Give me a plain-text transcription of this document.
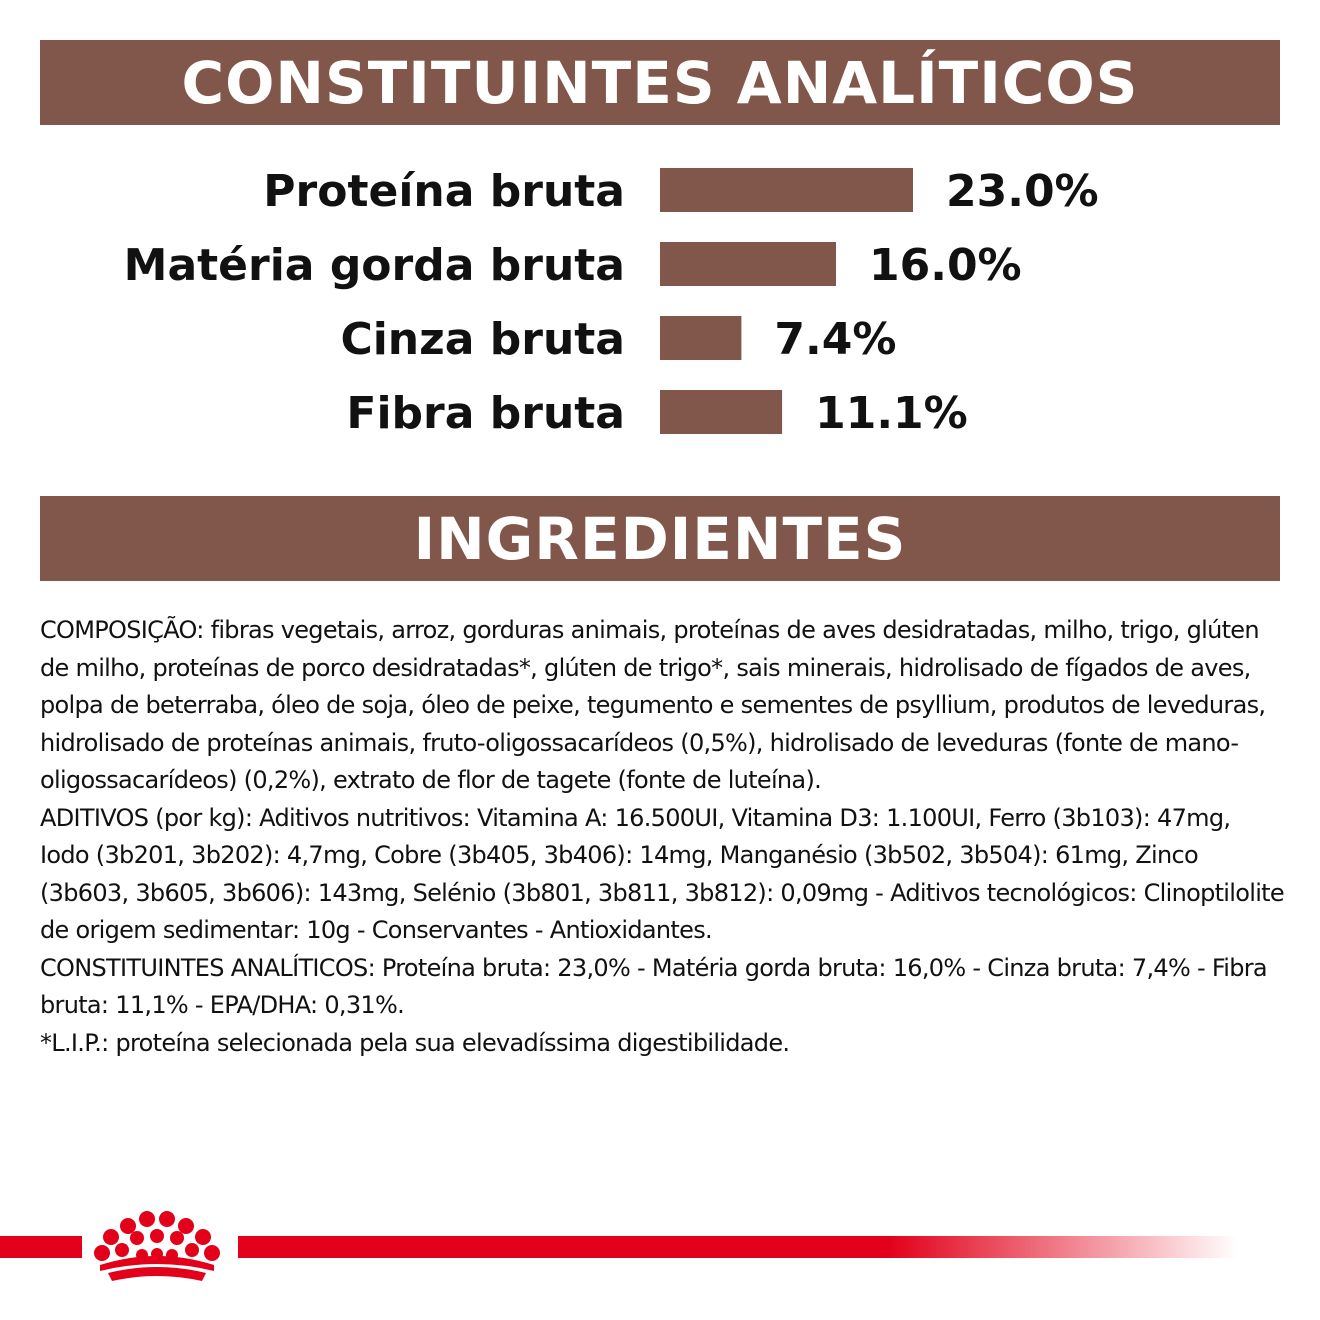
CONSTITUINTES ANALÍTICOS
Proteína bruta	23.0%
Matéria gorda bruta	16.0%
Cinza bruta	7.4%
Fibra bruta	11.1%
INGREDIENTES

COMPOSIÇÃO: fibras vegetais, arroz, gorduras animais, proteínas de aves desidratadas, milho, trigo, glúten de milho, proteínas de porco desidratadas*, glúten de trigo*, sais minerais, hidrolisado de fígados de aves, polpa de beterraba, óleo de soja, óleo de peixe, tegumento e sementes de psyllium, produtos de leveduras, hidrolisado de proteínas animais, fruto-oligossacarídeos (0,5%), hidrolisado de leveduras (fonte de mano-oligossacarídeos) (0,2%), extrato de flor de tagete (fonte de luteína).

ADITIVOS (por kg): Aditivos nutritivos: Vitamina A: 16.500UI, Vitamina D3: 1.100UI, Ferro (3b103): 47mg, Iodo (3b201, 3b202): 4,7mg, Cobre (3b405, 3b406): 14mg, Manganésio (3b502, 3b504): 61mg, Zinco (3b603, 3b605, 3b606): 143mg, Selénio (3b801, 3b811, 3b812): 0,09mg - Aditivos tecnológicos: Clinoptilolite de origem sedimentar: 10g - Conservantes - Antioxidantes.

CONSTITUINTES ANALÍTICOS: Proteína bruta: 23,0% - Matéria gorda bruta: 16,0% - Cinza bruta: 7,4% - Fibra bruta: 11,1% - EPA/DHA: 0,31%.

*L.I.P.: proteína selecionada pela sua elevadíssima digestibilidade.
